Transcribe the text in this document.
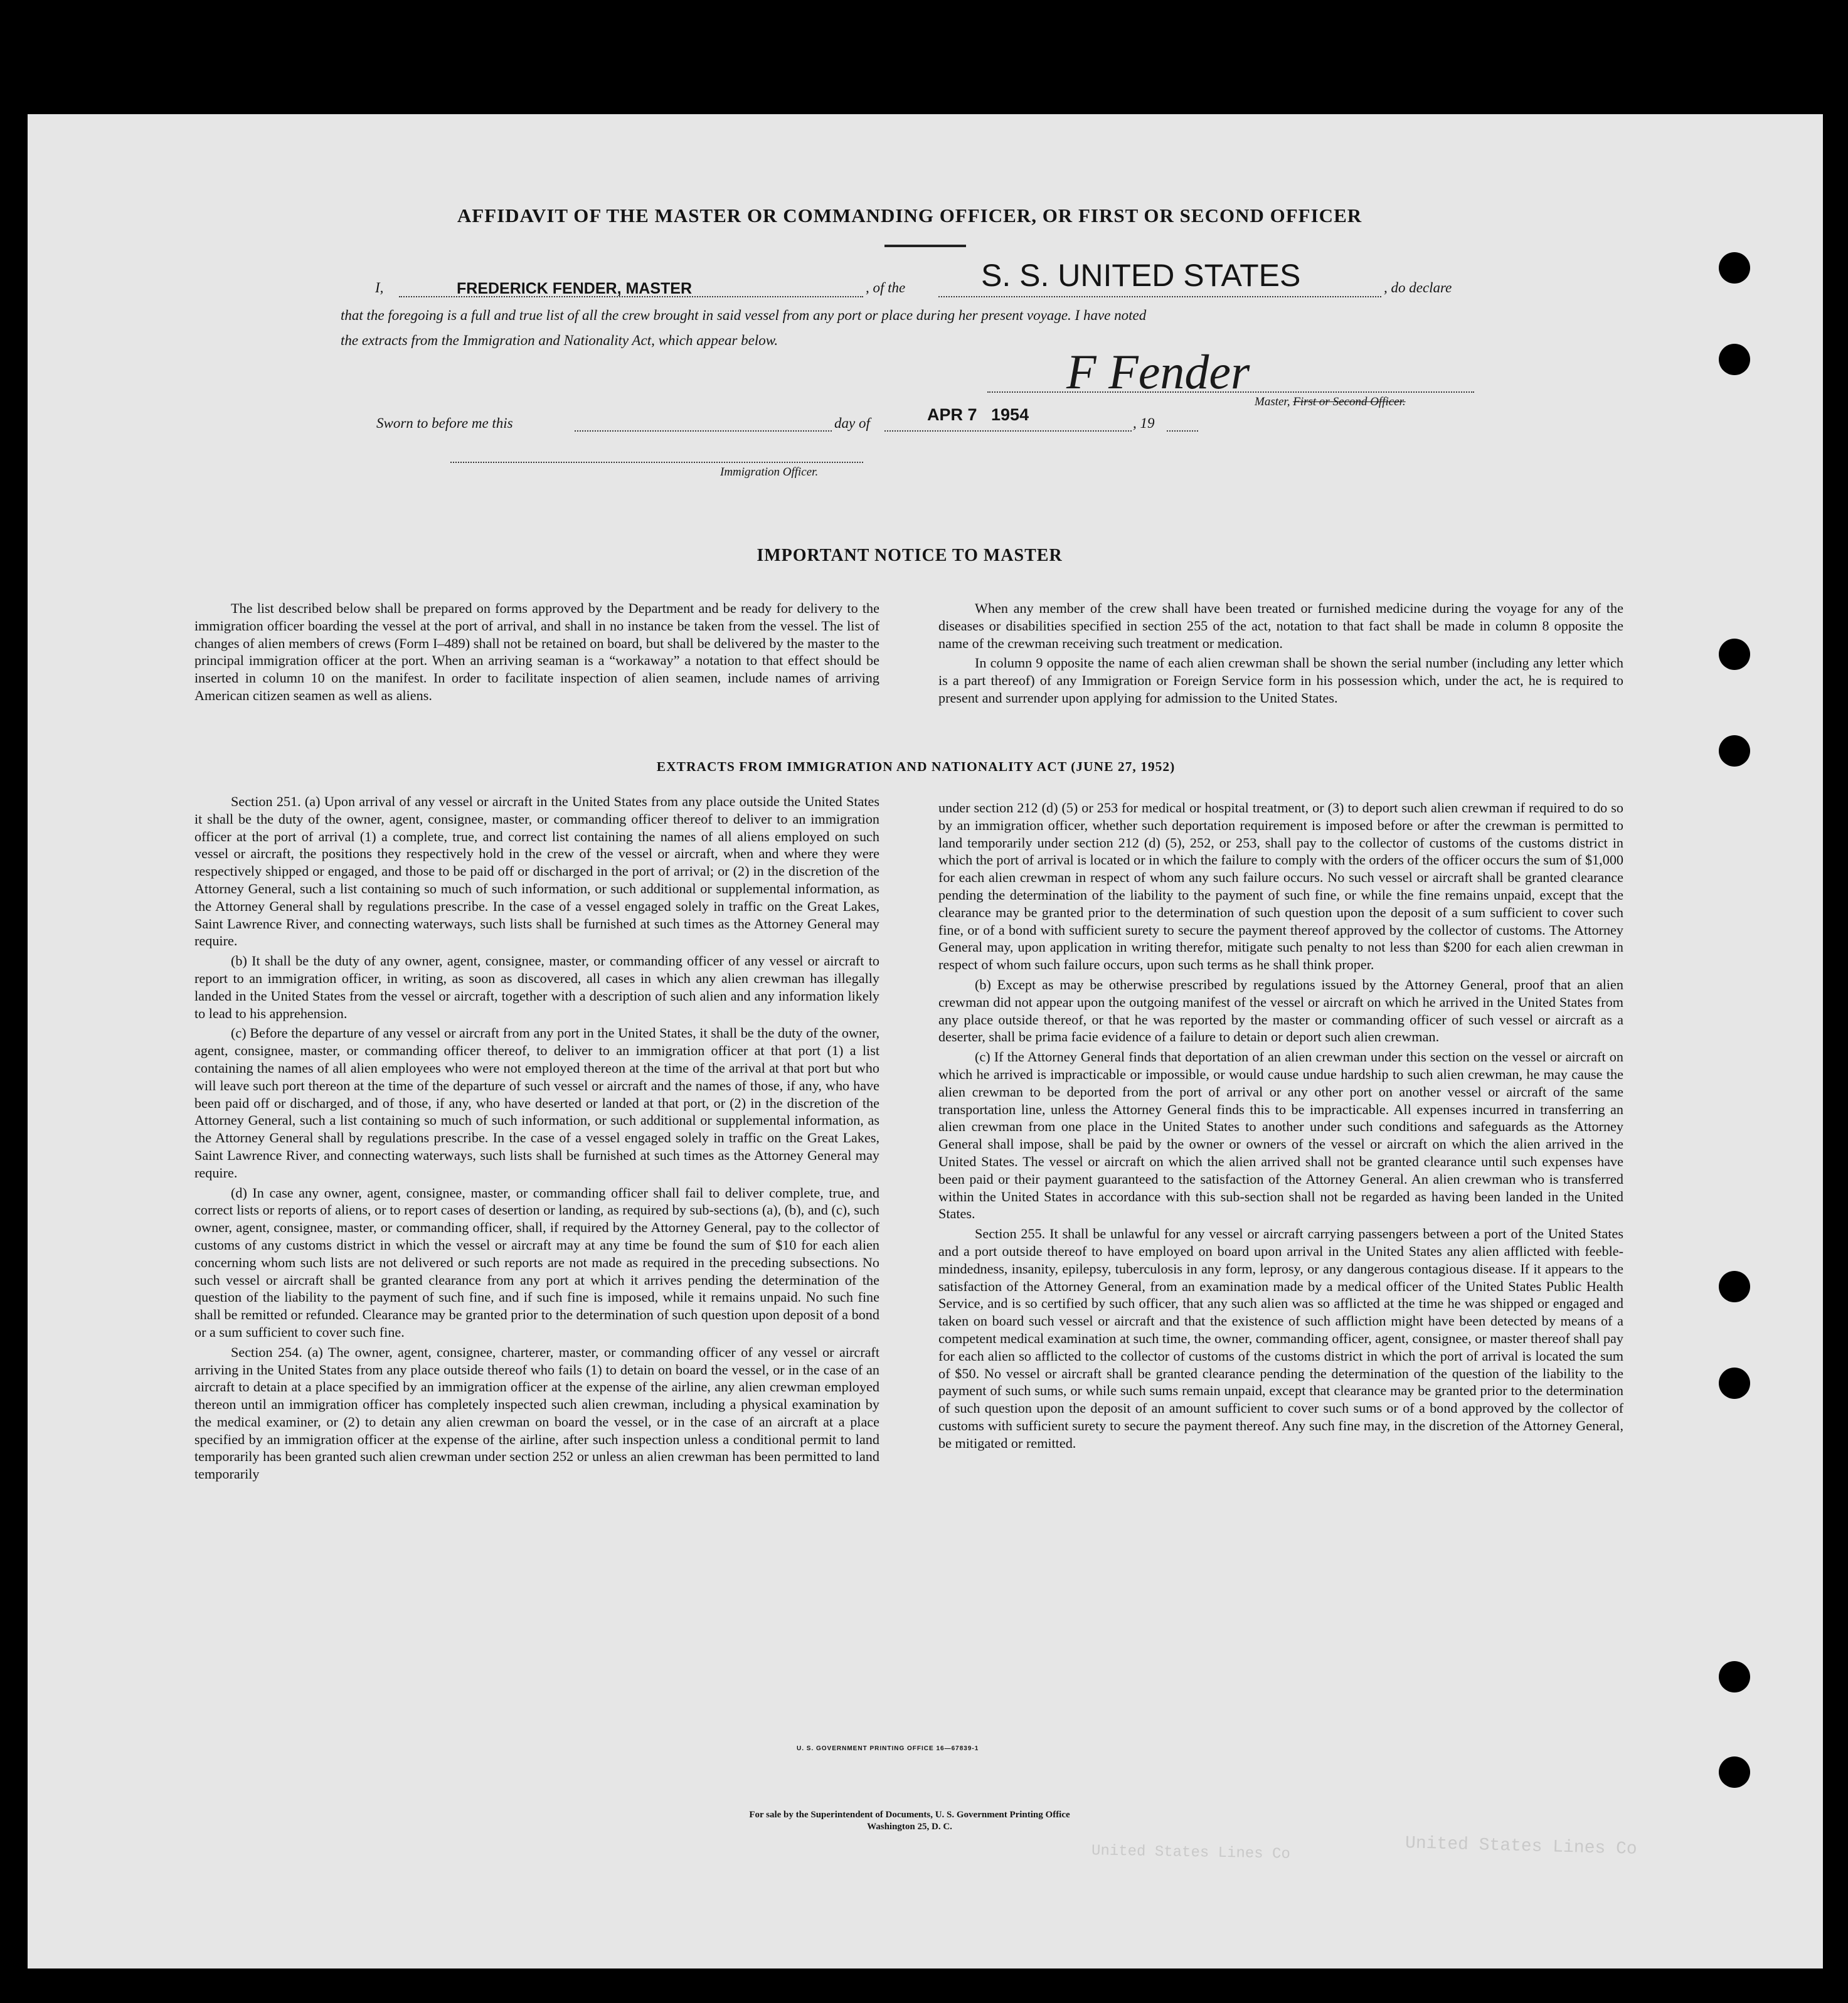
AFFIDAVIT OF THE MASTER OR COMMANDING OFFICER, OR FIRST OR SECOND OFFICER
I,	FREDERICK FENDER, MASTER	, of the S. S. UNITED STATES	, do declare
that the foregoing is a full and true list of all the crew brought in said vessel from any port or place during her present voyage. I have noted
the extracts from the Immigration and Nationality Act, which appear below.
F Fender
Master, First or Second Officer.
Sworn to before me this	day of	APR 7   1954	, 19
Immigration Officer.
IMPORTANT NOTICE TO MASTER

The list described below shall be prepared on forms approved by the Department and be ready for delivery to the immigration officer boarding the vessel at the port of arrival, and shall in no instance be taken from the vessel. The list of changes of alien members of crews (Form I–489) shall not be retained on board, but shall be delivered by the master to the principal immigration officer at the port. When an arriving seaman is a “workaway” a notation to that effect should be inserted in column 10 on the manifest. In order to facilitate inspection of alien seamen, include names of arriving American citizen seamen as well as aliens.

When any member of the crew shall have been treated or furnished medicine during the voyage for any of the diseases or disabilities specified in section 255 of the act, notation to that fact shall be made in column 8 opposite the name of the crewman receiving such treatment or medication.

In column 9 opposite the name of each alien crewman shall be shown the serial number (including any letter which is a part thereof) of any Immigration or Foreign Service form in his possession which, under the act, he is required to present and surrender upon applying for admission to the United States.

EXTRACTS FROM IMMIGRATION AND NATIONALITY ACT (JUNE 27, 1952)

Section 251. (a) Upon arrival of any vessel or aircraft in the United States from any place outside the United States it shall be the duty of the owner, agent, consignee, master, or commanding officer thereof to deliver to an immigration officer at the port of arrival (1) a complete, true, and correct list containing the names of all aliens employed on such vessel or aircraft, the positions they respectively hold in the crew of the vessel or aircraft, when and where they were respectively shipped or engaged, and those to be paid off or discharged in the port of arrival; or (2) in the discretion of the Attorney General, such a list containing so much of such information, or such additional or supplemental information, as the Attorney General shall by regulations prescribe. In the case of a vessel engaged solely in traffic on the Great Lakes, Saint Lawrence River, and connecting waterways, such lists shall be furnished at such times as the Attorney General may require.

(b) It shall be the duty of any owner, agent, consignee, master, or commanding officer of any vessel or aircraft to report to an immigration officer, in writing, as soon as discovered, all cases in which any alien crewman has illegally landed in the United States from the vessel or aircraft, together with a description of such alien and any information likely to lead to his apprehension.

(c) Before the departure of any vessel or aircraft from any port in the United States, it shall be the duty of the owner, agent, consignee, master, or commanding officer thereof, to deliver to an immigration officer at that port (1) a list containing the names of all alien employees who were not employed thereon at the time of the arrival at that port but who will leave such port thereon at the time of the departure of such vessel or aircraft and the names of those, if any, who have been paid off or discharged, and of those, if any, who have deserted or landed at that port, or (2) in the discretion of the Attorney General, such a list containing so much of such information, or such additional or supplemental information, as the Attorney General shall by regulations prescribe. In the case of a vessel engaged solely in traffic on the Great Lakes, Saint Lawrence River, and connecting waterways, such lists shall be furnished at such times as the Attorney General may require.

(d) In case any owner, agent, consignee, master, or commanding officer shall fail to deliver complete, true, and correct lists or reports of aliens, or to report cases of desertion or landing, as required by sub-sections (a), (b), and (c), such owner, agent, consignee, master, or commanding officer, shall, if required by the Attorney General, pay to the collector of customs of any customs district in which the vessel or aircraft may at any time be found the sum of $10 for each alien concerning whom such lists are not delivered or such reports are not made as required in the preceding subsections. No such vessel or aircraft shall be granted clearance from any port at which it arrives pending the determination of the question of the liability to the payment of such fine, and if such fine is imposed, while it remains unpaid. No such fine shall be remitted or refunded. Clearance may be granted prior to the determination of such question upon deposit of a bond or a sum sufficient to cover such fine.

Section 254. (a) The owner, agent, consignee, charterer, master, or commanding officer of any vessel or aircraft arriving in the United States from any place outside thereof who fails (1) to detain on board the vessel, or in the case of an aircraft to detain at a place specified by an immigration officer at the expense of the airline, any alien crewman employed thereon until an immigration officer has completely inspected such alien crewman, including a physical examination by the medical examiner, or (2) to detain any alien crewman on board the vessel, or in the case of an aircraft at a place specified by an immigration officer at the expense of the airline, after such inspection unless a conditional permit to land temporarily has been granted such alien crewman under section 252 or unless an alien crewman has been permitted to land temporarily

under section 212 (d) (5) or 253 for medical or hospital treatment, or (3) to deport such alien crewman if required to do so by an immigration officer, whether such deportation requirement is imposed before or after the crewman is permitted to land temporarily under section 212 (d) (5), 252, or 253, shall pay to the collector of customs of the customs district in which the port of arrival is located or in which the failure to comply with the orders of the officer occurs the sum of $1,000 for each alien crewman in respect of whom any such failure occurs. No such vessel or aircraft shall be granted clearance pending the determination of the liability to the payment of such fine, or while the fine remains unpaid, except that the clearance may be granted prior to the determination of such question upon the deposit of a sum sufficient to cover such fine, or of a bond with sufficient surety to secure the payment thereof approved by the collector of customs. The Attorney General may, upon application in writing therefor, mitigate such penalty to not less than $200 for each alien crewman in respect of whom such failure occurs, upon such terms as he shall think proper.

(b) Except as may be otherwise prescribed by regulations issued by the Attorney General, proof that an alien crewman did not appear upon the outgoing manifest of the vessel or aircraft on which he arrived in the United States from any place outside thereof, or that he was reported by the master or commanding officer of such vessel or aircraft as a deserter, shall be prima facie evidence of a failure to detain or deport such alien crewman.

(c) If the Attorney General finds that deportation of an alien crewman under this section on the vessel or aircraft on which he arrived is impracticable or impossible, or would cause undue hardship to such alien crewman, he may cause the alien crewman to be deported from the port of arrival or any other port on another vessel or aircraft of the same transportation line, unless the Attorney General finds this to be impracticable. All expenses incurred in transferring an alien crewman from one place in the United States to another under such conditions and safeguards as the Attorney General shall impose, shall be paid by the owner or owners of the vessel or aircraft on which the alien arrived in the United States. The vessel or aircraft on which the alien arrived shall not be granted clearance until such expenses have been paid or their payment guaranteed to the satisfaction of the Attorney General. An alien crewman who is transferred within the United States in accordance with this sub-section shall not be regarded as having been landed in the United States.

Section 255. It shall be unlawful for any vessel or aircraft carrying passengers between a port of the United States and a port outside thereof to have employed on board upon arrival in the United States any alien afflicted with feeble-mindedness, insanity, epilepsy, tuberculosis in any form, leprosy, or any dangerous contagious disease. If it appears to the satisfaction of the Attorney General, from an examination made by a medical officer of the United States Public Health Service, and is so certified by such officer, that any such alien was so afflicted at the time he was shipped or engaged and taken on board such vessel or aircraft and that the existence of such affliction might have been detected by means of a competent medical examination at such time, the owner, commanding officer, agent, consignee, or master thereof shall pay for each alien so afflicted to the collector of customs of the customs district in which the port of arrival is located the sum of $50. No vessel or aircraft shall be granted clearance pending the determination of the question of the liability to the payment of such sums, or while such sums remain unpaid, except that clearance may be granted prior to the determination of such question upon the deposit of an amount sufficient to cover such sums or of a bond approved by the collector of customs with sufficient surety to secure the payment thereof. Any such fine may, in the discretion of the Attorney General, be mitigated or remitted.

U. S. GOVERNMENT PRINTING OFFICE 16—67839-1
For sale by the Superintendent of Documents, U. S. Government Printing Office
Washington 25, D. C.
United States Lines Co
United States Lines Co
